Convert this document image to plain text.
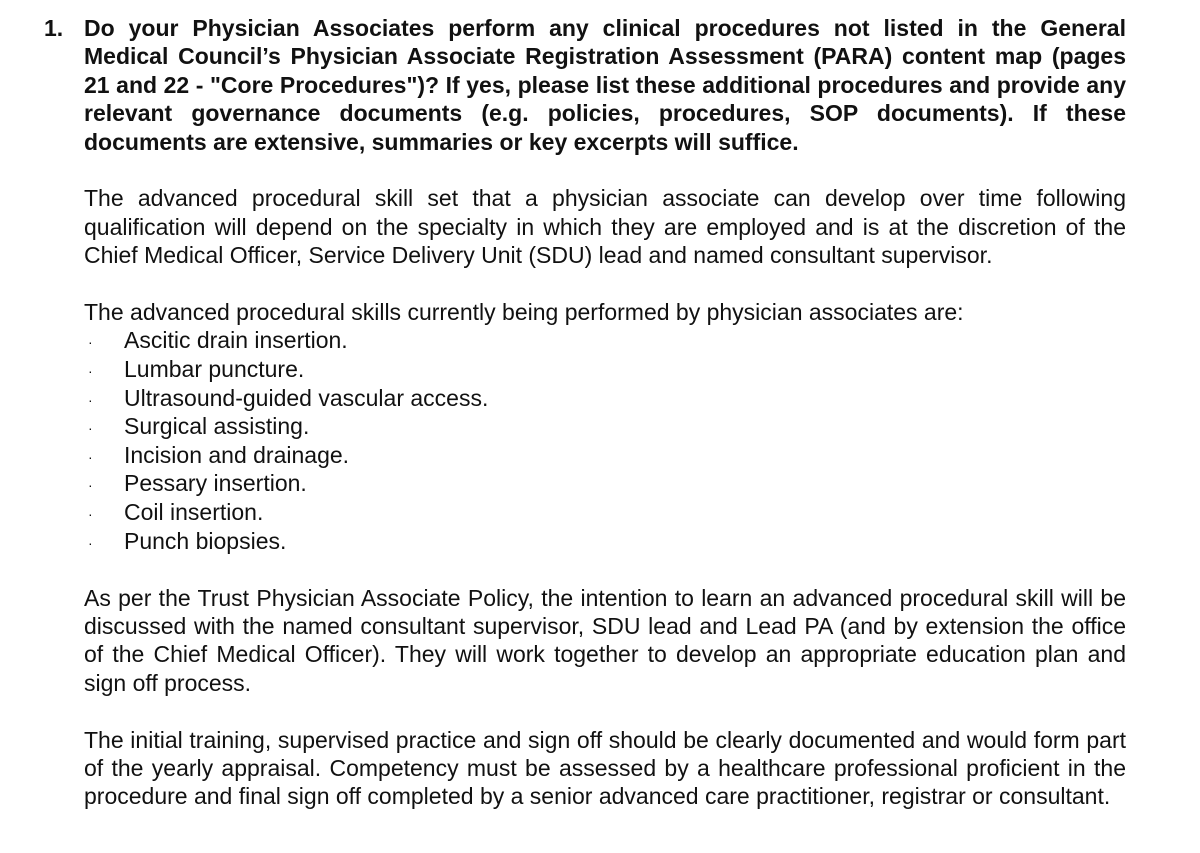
1. Do your Physician Associates perform any clinical procedures not listed in the General Medical Council’s Physician Associate Registration Assessment (PARA) content map (pages 21 and 22 - "Core Procedures")? If yes, please list these additional procedures and provide any relevant governance documents (e.g. policies, procedures, SOP documents). If these documents are extensive, summaries or key excerpts will suffice.

The advanced procedural skill set that a physician associate can develop over time following qualification will depend on the specialty in which they are employed and is at the discretion of the Chief Medical Officer, Service Delivery Unit (SDU) lead and named consultant supervisor.

The advanced procedural skills currently being performed by physician associates are:

· Ascitic drain insertion.
· Lumbar puncture.
· Ultrasound-guided vascular access.
· Surgical assisting.
· Incision and drainage.
· Pessary insertion.
· Coil insertion.
· Punch biopsies.

As per the Trust Physician Associate Policy, the intention to learn an advanced procedural skill will be discussed with the named consultant supervisor, SDU lead and Lead PA (and by extension the office of the Chief Medical Officer). They will work together to develop an appropriate education plan and sign off process.

The initial training, supervised practice and sign off should be clearly documented and would form part of the yearly appraisal. Competency must be assessed by a healthcare professional proficient in the procedure and final sign off completed by a senior advanced care practitioner, registrar or consultant.
